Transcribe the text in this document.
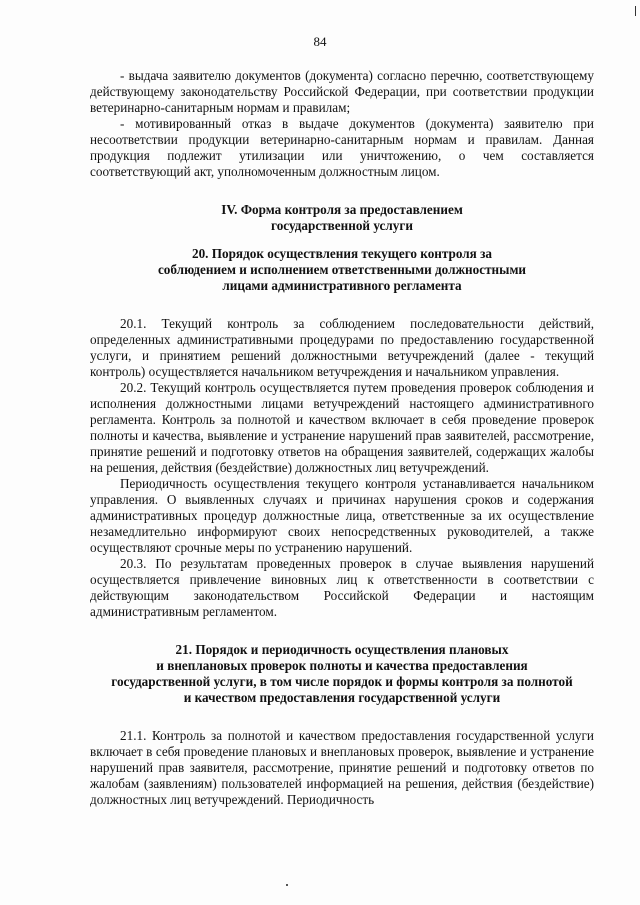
84

- выдача заявителю документов (документа) согласно перечню, соответствующему действующему законодательству Российской Федерации, при соответствии продукции ветеринарно-санитарным нормам и правилам;

- мотивированный отказ в выдаче документов (документа) заявителю при несоответствии продукции ветеринарно-санитарным нормам и правилам. Данная продукция подлежит утилизации или уничтожению, о чем составляется соответствующий акт, уполномоченным должностным лицом.

IV. Форма контроля за предоставлением
государственной услуги
20. Порядок осуществления текущего контроля за
соблюдением и исполнением ответственными должностными
лицами административного регламента

20.1. Текущий контроль за соблюдением последовательности действий, определенных административными процедурами по предоставлению государственной услуги, и принятием решений должностными ветучреждений (далее - текущий контроль) осуществляется начальником ветучреждения и начальником управления.

20.2. Текущий контроль осуществляется путем проведения проверок соблюдения и исполнения должностными лицами ветучреждений настоящего административного регламента. Контроль за полнотой и качеством включает в себя проведение проверок полноты и качества, выявление и устранение нарушений прав заявителей, рассмотрение, принятие решений и подготовку ответов на обращения заявителей, содержащих жалобы на решения, действия (бездействие) должностных лиц ветучреждений.

Периодичность осуществления текущего контроля устанавливается начальником управления. О выявленных случаях и причинах нарушения сроков и содержания административных процедур должностные лица, ответственные за их осуществление незамедлительно информируют своих непосредственных руководителей, а также осуществляют срочные меры по устранению нарушений.

20.3. По результатам проведенных проверок в случае выявления нарушений осуществляется привлечение виновных лиц к ответственности в соответствии с действующим законодательством Российской Федерации и настоящим административным регламентом.

21. Порядок и периодичность осуществления плановых
и внеплановых проверок полноты и качества предоставления
государственной услуги, в том числе порядок и формы контроля за полнотой
и качеством предоставления государственной услуги

21.1. Контроль за полнотой и качеством предоставления государственной услуги включает в себя проведение плановых и внеплановых проверок, выявление и устранение нарушений прав заявителя, рассмотрение, принятие решений и подготовку ответов по жалобам (заявлениям) пользователей информацией на решения, действия (бездействие) должностных лиц ветучреждений. Периодичность
